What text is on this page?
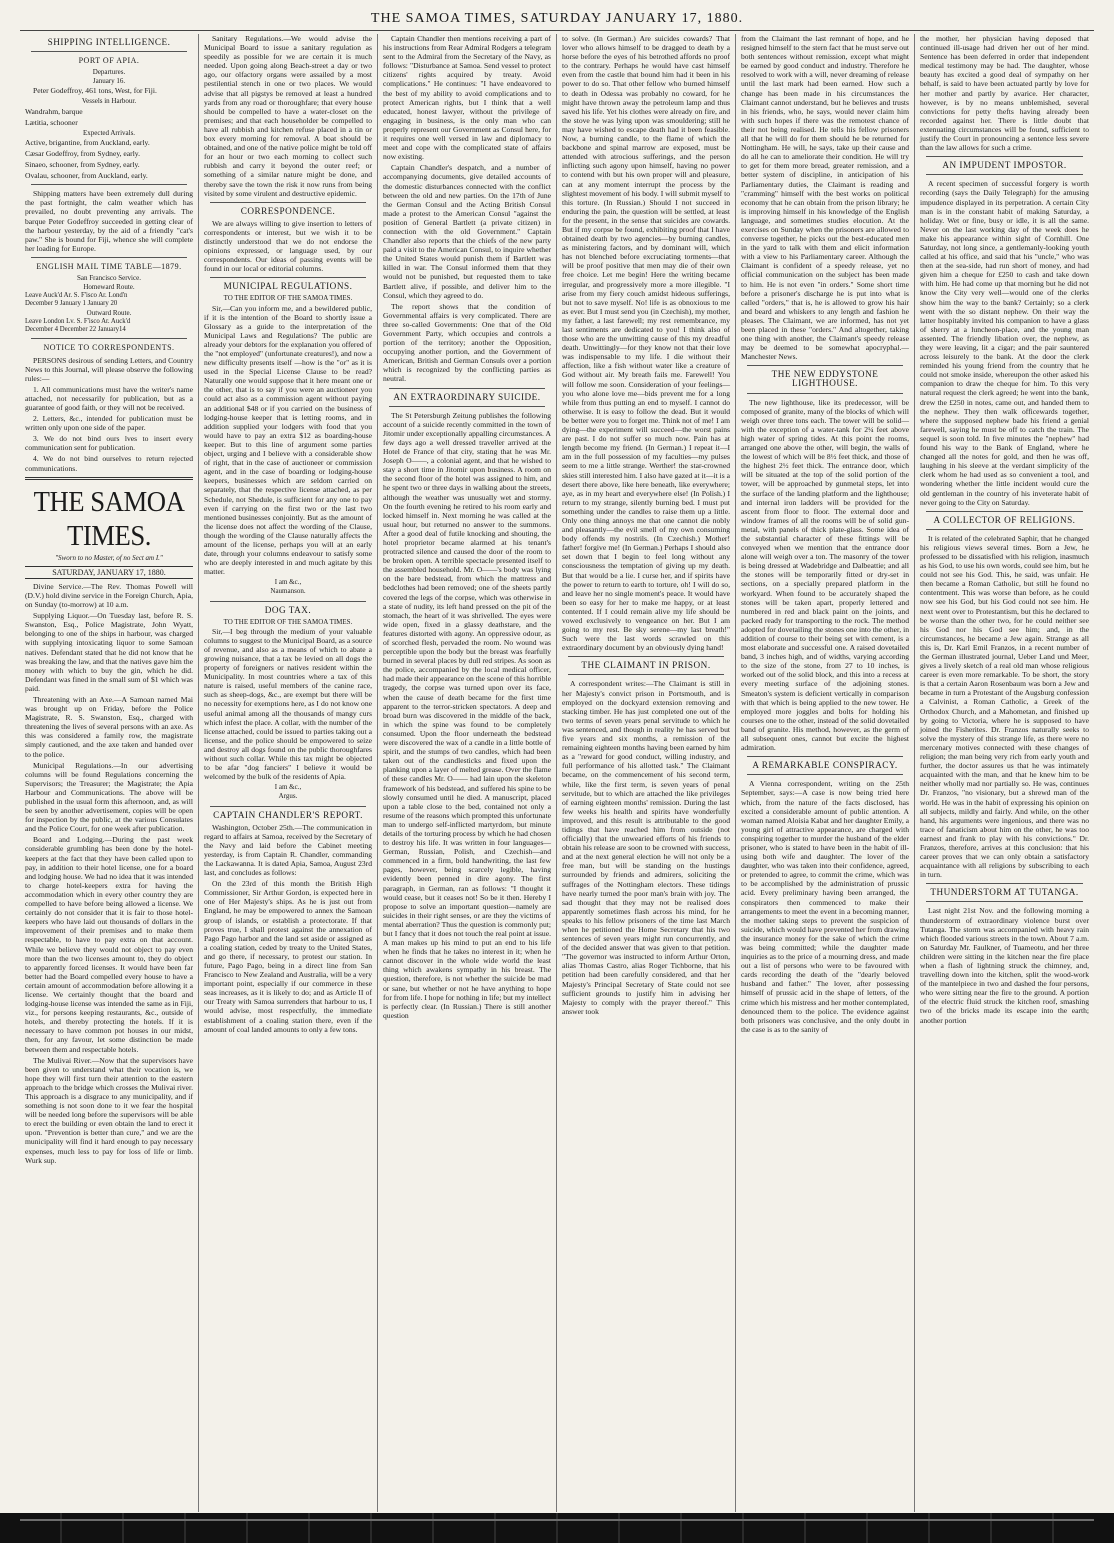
THE SAMOA TIMES, SATURDAY JANUARY 17, 1880.
SHIPPING INTELLIGENCE.
PORT OF APIA.
Departures.
January 16.

Peter Godeffroy, 461 tons, West, for Fiji.

Vessels in Harbour.

Wandrahm, barque

Lætitia, schooner

Expected Arrivals.

Active, brigantine, from Auckland, early.

Cæsar Godeffroy, from Sydney, early.

Sinaeo, schooner, from Sydney, early.

Ovalau, schooner, from Auckland, early.

Shipping matters have been extremely dull during the past fortnight, the calm weather which has prevailed, no doubt preventing any arrivals. The barque Peter Godeffroy succeeded in getting clear of the harbour yesterday, by the aid of a friendly "cat's paw." She is bound for Fiji, whence she will complete her loading for Europe.

ENGLISH MAIL TIME TABLE—1879.
San Francisco Service.
Homeward Route.
Leave Auck'd Ar. S. F'isco Ar. Lond'n
December 9 January 1 January 20
Outward Route.
Leave London Lv. S. F'isco Ar. Auck'd
December 4 December 22 January14
NOTICE TO CORRESPONDENTS.

PERSONS desirous of sending Letters, and Country News to this Journal, will please observe the following rules:—

1. All communications must have the writer's name attached, not necessarily for publication, but as a guarantee of good faith, or they will not be received.

2. Letters, &c., intended for publication must be written only upon one side of the paper.

3. We do not bind ours lves to insert every communication sent for publication.

4. We do not bind ourselves to return rejected communications.

THE SAMOA TIMES.
"Sworn to no Master, of no Sect am I."
SATURDAY, JANUARY 17, 1880.

Divine Service.—The Rev. Thomas Powell will (D.V.) hold divine service in the Foreign Church, Apia, on Sunday (to-morrow) at 10 a.m.

Supplying Liquor.—On Tuesday last, before R. S. Swanston, Esq., Police Magistrate, John Wyatt, belonging to one of the ships in harbour, was charged with supplying intoxicating liquor to some Samoan natives. Defendant stated that he did not know that he was breaking the law, and that the natives gave him the money with which to buy the gin, which he did. Defendant was fined in the small sum of $1 which was paid.

Threatening with an Axe.—A Samoan named Mai was brought up on Friday, before the Police Magistrate, R. S. Swanston, Esq., charged with threatening the lives of several persons with an axe. As this was considered a family row, the magistrate simply cautioned, and the axe taken and handed over to the police.

Municipal Regulations.—In our advertising columns will be found Regulations concerning the Supervisors; the Treasurer; the Magistrate; the Apia Harbour and Communications. The above will be published in the usual form this afternoon, and, as will be seen by another advertisement, copies will be open for inspection by the public, at the various Consulates and the Police Court, for one week after publication.

Board and Lodging.—During the past week considerable grumbling has been done by the hotel-keepers at the fact that they have been called upon to pay, in addition to their hotel license, one for a board and lodging house. We had no idea that it was intended to charge hotel-keepers extra for having the accommodation which in every other country they are compelled to have before being allowed a license. We certainly do not consider that it is fair to those hotel-keepers who have laid out thousands of dollars in the improvement of their premises and to make them respectable, to have to pay extra on that account. While we believe they would not object to pay even more than the two licenses amount to, they do object to apparently forced licenses. It would have been far better had the Board compelled every house to have a certain amount of accommodation before allowing it a license. We certainly thought that the board and lodging-house license was intended the same as in Fiji, viz., for persons keeping restaurants, &c., outside of hotels, and thereby protecting the hotels. If it is necessary to have common pot houses in our midst, then, for any favour, let some distinction be made between them and respectable hotels.

The Mulivai River.—Now that the supervisors have been given to understand what their vocation is, we hope they will first turn their attention to the eastern approach to the bridge which crosses the Mulivai river. This approach is a disgrace to any municipality, and if something is not soon done to it we fear the hospital will be needed long before the supervisors will be able to erect the building or even obtain the land to erect it upon. "Prevention is better than cure," and we are the municipality will find it hard enough to pay necessary expenses, much less to pay for loss of life or limb. Wurk sup.

Sanitary Regulations.—We would advise the Municipal Board to issue a sanitary regulation as speedily as possible for we are certain it is much needed. Upon going along Beach-street a day or two ago, our olfactory organs were assailed by a most pestilential stench in one or two places. We would advise that all pigstys be removed at least a hundred yards from any road or thoroughfare; that every house should be compelled to have a water-closet on the premises; and that each householder be compelled to have all rubbish and kitchen refuse placed in a tin or box every morning for removal. A boat should be obtained, and one of the native police might be told off for an hour or two each morning to collect such rubbish and carry it beyond the outer reef; or something of a similar nature might be done, and thereby save the town the risk it now runs from being visited by some virulent and destructive epidemic.

CORRESPONDENCE.

We are always willing to give insertion to letters of correspondents or interest, but we wish it to be distinctly understood that we do not endorse the opinions expressed, or language used, by our correspondents. Our ideas of passing events will be found in our local or editorial columns.

MUNICIPAL REGULATIONS.
TO THE EDITOR OF THE SAMOA TIMES.

Sir,—Can you inform me, and a bewildered public, if it is the intention of the Board to shortly issue a Glossary as a guide to the interpretation of the Municipal Laws and Regulations? The public are already your debtors for the explanation you offered of the "not employed" (unfortunate creatures!), and now a new difficulty presents itself —how is the "or" as it is used in the Special License Clause to be read? Naturally one would suppose that it here meant one or the other, that is to say if you were an auctioneer you could act also as a commission agent without paying an additional $48 or if you carried on the business of lodging-house keeper that is letting rooms, and in addition supplied your lodgers with food that you would have to pay an extra $12 as boarding-house keeper. But to this line of argument some parties object, urging and I believe with a considerable show of right, that in the case of auctioneer or commission agent, and in the case of boarding or lodging-house keepers, businesses which are seldom carried on separately, that the respective license attached, as per Schedule, not Shedule, is sufficient for any one to pay even if carrying on the first two or the last two mentioned businesses conjointly. But as the amount of the license does not affect the wording of the Clause, though the wording of the Clause naturally affects the amount of the license, perhaps you will at an early date, through your columns endeavour to satisfy some who are deeply interested in and much agitate by this matter.

I am &c.,
Naumanson.
DOG TAX.
TO THE EDITOR OF THE SAMOA TIMES.

Sir,—I beg through the medium of your valuable columns to suggest to the Municipal Board, as a source of revenue, and also as a means of which to abate a growing nuisance, that a tax be levied on all dogs the property of foreigners or natives resident within the Municipality. In most countries where a tax of this nature is raised, useful members of the canine race, such as sheep-dogs, &c., are exempt but there will be no necessity for exemptions here, as I do not know one useful animal among all the thousands of mangy curs which infest the place. A collar, with the number of the license attached, could be issued to parties taking out a license, and the police should be empowered to seize and destroy all dogs found on the public thoroughfares without such collar. While this tax might be objected to be afar "dog fanciers" I believe it would be welcomed by the bulk of the residents of Apia.

I am &c.,
Argus.
CAPTAIN CHANDLER'S REPORT.

Washington, October 25th.—The communication in regard to affairs at Samoa, received by the Secretary of the Navy and laid before the Cabinet meeting yesterday, is from Captain R. Chandler, commanding the Lackawanna. It is dated Apia, Samoa, August 23rd last, and concludes as follows:

On the 23rd of this month the British High Commissioner, Sir Arthur Gordon, is expected here in one of Her Majesty's ships. As he is just out from England, he may be empowered to annex the Samoan group of islands, or establish a protectorate. If that proves true, I shall protest against the annexation of Pago Pago harbor and the land set aside or assigned as a coaling station, ceded by treaty to the United States, and go there, if necessary, to protest our station. In future, Pago Pago, being in a direct line from San Francisco to New Zealand and Australia, will be a very important point, especially if our commerce in these seas increases, as it is likely to do; and as Article II of our Treaty with Samoa surrenders that harbour to us, I would advise, most respectfully, the immediate establishment of a coaling station there, even if the amount of coal landed amounts to only a few tons.

Captain Chandler then mentions receiving a part of his instructions from Rear Admiral Rodgers a telegram sent to the Admiral from the Secretary of the Navy, as follows: "Disturbance at Samoa. Send vessel to protect citizens' rights acquired by treaty. Avoid complications." He continues: "I have endeavored to the best of my ability to avoid complications and to protect American rights, but I think that a well educated, honest lawyer, without the privilege of engaging in business, is the only man who can properly represent our Government as Consul here, for it requires one well versed in law and diplomacy to meet and cope with the complicated state of affairs now existing.

Captain Chandler's despatch, and a number of accompanying documents, give detailed accounts of the domestic disturbances connected with the conflict between the old and new parties. On the 17th of June the German Consul and the Acting British Consul made a protest to the American Consul "against the position of General Bartlett (a private citizen) in connection with the old Government." Captain Chandler also reports that the chiefs of the new party paid a visit to the American Consul, to inquire whether the United States would punish them if Bartlett was killed in war. The Consul informed them that they would not be punished, but requested them to take Bartlett alive, if possible, and deliver him to the Consul, which they agreed to do.

The report shows that the condition of Governmental affairs is very complicated. There are three so-called Governments: One that of the Old Government Party, which occupies and controls a portion of the territory; another the Opposition, occupying another portion, and the Government of American, British and German Consuls over a portion which is recognized by the conflicting parties as neutral.

AN EXTRAORDINARY SUICIDE.

The St Petersburgh Zeitung publishes the following account of a suicide recently committed in the town of Jitomir under exceptionally appalling circumstances. A few days ago a well dressed traveller arrived at the Hotel de France of that city, stating that he was Mr. Joseph O——, a colonial agent, and that he wished to stay a short time in Jitomir upon business. A room on the second floor of the hotel was assigned to him, and he spent two or three days in walking about the streets, although the weather was unusually wet and stormy. On the fourth evening he retired to his room early and locked himself in. Next morning he was called at the usual hour, but returned no answer to the summons. After a good deal of futile knocking and shouting, the hotel proprietor became alarmed at his tenant's protracted silence and caused the door of the room to be broken open. A terrible spectacle presented itself to the assembled household. Mr. O——'s body was lying on the bare bedstead, from which the mattress and bedclothes had been removed; one of the sheets partly covered the legs of the corpse, which was otherwise in a state of nudity, its left hand pressed on the pit of the stomach, the heart of it was shrivelled. The eyes were wide open, fixed in a glassy deathstare, and the features distorted with agony. An oppressive odour, as of scorched flesh, pervaded the room. No wound was perceptible upon the body but the breast was fearfully burned in several places by dull red stripes. As soon as the police, accompanied by the local medical officer, had made their appearance on the scene of this horrible tragedy, the corpse was turned upon over its face, when the cause of death became for the first time apparent to the terror-stricken spectators. A deep and broad burn was discovered in the middle of the back, in which the spine was found to be completely consumed. Upon the floor underneath the bedstead were discovered the wax of a candle in a little bottle of spirit, and the stumps of two candles, which had been taken out of the candlesticks and fixed upon the planking upon a layer of melted grease. Over the flame of these candles Mr. O—— had lain upon the skeleton framework of his bedstead, and suffered his spine to be slowly consumed until he died. A manuscript, placed upon a table close to the bed, contained not only a resume of the reasons which prompted this unfortunate man to undergo self-inflicted martyrdom, but minute details of the torturing process by which he had chosen to destroy his life. It was written in four languages—German, Russian, Polish, and Czechish—and commenced in a firm, bold handwriting, the last few pages, however, being scarcely legible, having evidently been penned in dire agony. The first paragraph, in German, ran as follows: "I thought it would cease, but it ceases not! So be it then. Hereby I propose to solve an important question—namely are suicides in their right senses, or are they the victims of mental aberration? Thus the question is commonly put; but I fancy that it does not touch the real point at issue. A man makes up his mind to put an end to his life when he finds that he takes no interest in it; when he cannot discover in the whole wide world the least thing which awakens sympathy in his breast. The question, therefore, is not whether the suicide be mad or sane, but whether or not he have anything to hope for from life. I hope for nothing in life; but my intellect is perfectly clear. (In Russian.) There is still another question

to solve. (In German.) Are suicides cowards? That lover who allows himself to be dragged to death by a horse before the eyes of his betrothed affords no proof to the contrary. Perhaps he would have cast himself even from the castle that bound him had it been in his power to do so. That other fellow who burned himself to death in Odessa was probably no coward, for he might have thrown away the petroleum lamp and thus saved his life. Yet his clothes were already on fire, and the stove he was lying upon was smouldering; still he may have wished to escape death had it been feasible. Now, a burning candle, to the flame of which the backbone and spinal marrow are exposed, must be attended with atrocious sufferings, and the person inflicting such agony upon himself, having no power to contend with but his own proper will and pleasure, can at any moment interrupt the process by the slightest movement of his body. I will submit myself to this torture. (In Russian.) Should I not succeed in enduring the pain, the question will be settled, at least for the present, in the sense that suicides are cowards. But if my corpse be found, exhibiting proof that I have obtained death by two agencies—by burning candles, as ministering factors, and by dominant will, which has not blenched before excruciating torments—that will be proof positive that men may die of their own free choice. Let me begin! Here the writing became irregular, and progressively more a more illegible. "I arise from my fiery couch amidst hideous sufferings, but not to save myself. No! life is as obnoxious to me as ever. But I must send you (in Czechish), my mother, my father, a last farewell; my rest remembrance, my last sentiments are dedicated to you! I think also of those who are the unwitting cause of this my dreadful death. Unwittingly—for they know not that their love was indispensable to my life. I die without their affection, like a fish without water like a creature of God without air. My breath fails me. Farewell! You will follow me soon. Consideration of your feelings—you who alone love me—bids prevent me for a long while from thus putting an end to myself. I cannot do otherwise. It is easy to follow the dead. But it would be better were you to forget me. Think not of me! I am dying—the experiment will succeed—the worst pains are past. I do not suffer so much now. Pain has at length become my friend. (In German.) I repeat it—I am in the full possession of my faculties—my pulses seem to me a little strange. Werther! the star-crowned skies still interested him. I also have gazed at it—it is a desert there above, like here beneath, like everywhere; aye, as in my heart and everywhere else! (In Polish.) I return to my strange, silently burning bed. I must put something under the candles to raise them up a little. Only one thing annoys me that one cannot die nobly and pleasantly—the evil smell of my own consuming body offends my nostrils. (In Czechish.) Mother! father! forgive me! (In German.) Perhaps I should also set down that I begin to feel long without any consciousness the temptation of giving up my death. But that would be a lie. I curse her, and if spirits have the power to return to earth to torture, oh! I will do so, and leave her no single moment's peace. It would have been so easy for her to make me happy, or at least contented. If I could remain alive my life should be vowed exclusively to vengeance on her. But I am going to my rest. Be sky serene—my last breath!" Such were the last words scrawled on this extraordinary document by an obviously dying hand!

THE CLAIMANT IN PRISON.

A correspondent writes:—The Claimant is still in her Majesty's convict prison in Portsmouth, and is employed on the dockyard extension removing and stacking timber. He has just completed one out of the two terms of seven years penal servitude to which he was sentenced, and though in reality he has served but five years and six months, a remission of the remaining eighteen months having been earned by him as a "reward for good conduct, willing industry, and full performance of his allotted task." The Claimant became, on the commencement of his second term, while, like the first term, is seven years of penal servitude, but to which are attached the like privileges of earning eighteen months' remission. During the last few weeks his health and spirits have wonderfully improved, and this result is attributable to the good tidings that have reached him from outside (not officially) that the unwearied efforts of his friends to obtain his release are soon to be crowned with success, and at the next general election he will not only be a free man, but will be standing on the hustings surrounded by friends and admirers, soliciting the suffrages of the Nottingham electors. These tidings have nearly turned the poor man's brain with joy. The sad thought that they may not be realised does apparently sometimes flash across his mind, for he speaks to his fellow prisoners of the time last March when he petitioned the Home Secretary that his two sentences of seven years might run concurrently, and of the decided answer that was given to that petition. "The governor was instructed to inform Arthur Orton, alias Thomas Castro, alias Roger Tichborne, that his petition had been carefully considered, and that her Majesty's Principal Secretary of State could not see sufficient grounds to justify him in advising her Majesty to comply with the prayer thereof." This answer took

from the Claimant the last remnant of hope, and he resigned himself to the stern fact that he must serve out both sentences without remission, except what might be earned by good conduct and industry. Therefore he resolved to work with a will, never dreaming of release until the last mark had been earned. How such a change has been made in his circumstances the Claimant cannot understand, but he believes and trusts in his friends, who, he says, would never claim him with such hopes if there was the remotest chance of their not being realised. He tells his fellow prisoners all that he will do for them should he be returned for Nottingham. He will, he says, take up their cause and do all he can to ameliorate their condition. He will try to get for them more bread, greater remission, and a better system of discipline, in anticipation of his Parliamentary duties, the Claimant is reading and "cramming" himself with the best works on political economy that he can obtain from the prison library; he is improving himself in his knowledge of the English language, and sometimes studies elocution. At the exercises on Sunday when the prisoners are allowed to converse together, he picks out the best-educated men in the yard to talk with them and elicit information with a view to his Parliamentary career. Although the Claimant is confident of a speedy release, yet no official communication on the subject has been made to him. He is not even "in orders." Some short time before a prisoner's discharge he is put into what is called "orders," that is, he is allowed to grow his hair and beard and whiskers to any length and fashion he pleases. The Claimant, we are informed, has not yet been placed in these "orders." And altogether, taking one thing with another, the Claimant's speedy release may be deemed to be somewhat apocryphal.—Manchester News.

THE NEW EDDYSTONE LIGHTHOUSE.

The new lighthouse, like its predecessor, will be composed of granite, many of the blocks of which will weigh over three tons each. The tower will be solid—with the exception of a water-tank for 2¼ feet above high water of spring tides. At this point the rooms, arranged one above the other, will begin, the walls of the lowest of which will be 8½ feet thick, and those of the highest 2½ feet thick. The entrance door, which will be situated at the top of the solid portion of the tower, will be approached by gunmetal steps, let into the surface of the landing platform and the lighthouse; and internal iron ladders will be provided for the ascent from floor to floor. The external door and window frames of all the rooms will be of solid gun-metal, with panels of thick plate-glass. Some idea of the substantial character of these fittings will be conveyed when we mention that the entrance door alone will weigh over a ton. The masonry of the tower is being dressed at Wadebridge and Dalbeattie; and all the stones will be temporarily fitted or dry-set in sections, on a specially prepared platform in the workyard. When found to be accurately shaped the stones will be taken apart, properly lettered and numbered in red and black paint on the joints, and packed ready for transporting to the rock. The method adopted for dovetailing the stones one into the other, in addition of course to their being set with cement, is a most elaborate and successful one. A raised dovetailed band, 3 inches high, and of widths, varying according to the size of the stone, from 27 to 10 inches, is worked out of the solid block, and this into a recess at every meeting surface of the adjoining stones. Smeaton's system is deficient vertically in comparison with that which is being applied to the new tower. He employed more joggles and bolts for holding his courses one to the other, instead of the solid dovetailed band of granite. His method, however, as the germ of all subsequent ones, cannot but excite the highest admiration.

A REMARKABLE CONSPIRACY.

A Vienna correspondent, writing on the 25th September, says:—A case is now being tried here which, from the nature of the facts disclosed, has excited a considerable amount of public attention. A woman named Aloisia Kabat and her daughter Emily, a young girl of attractive appearance, are charged with conspiring together to murder the husband of the elder prisoner, who is stated to have been in the habit of ill-using both wife and daughter. The lover of the daughter, who was taken into their confidence, agreed, or pretended to agree, to commit the crime, which was to be accomplished by the administration of prussic acid. Every preliminary having been arranged, the conspirators then commenced to make their arrangements to meet the event in a becoming manner, the mother taking steps to prevent the suspicion of suicide, which would have prevented her from drawing the insurance money for the sake of which the crime was being committed; while the daughter made inquiries as to the price of a mourning dress, and made out a list of persons who were to be favoured with cards recording the death of the "dearly beloved husband and father." The lover, after possessing himself of prussic acid in the shape of letters, of the crime which his mistress and her mother contemplated, denounced them to the police. The evidence against both prisoners was conclusive, and the only doubt in the case is as to the sanity of

the mother, her physician having deposed that continued ill-usage had driven her out of her mind. Sentence has been deferred in order that independent medical testimony may be had. The daughter, whose beauty has excited a good deal of sympathy on her behalf, is said to have been actuated partly by love for her mother and partly by avarice. Her character, however, is by no means unblemished, several convictions for petty thefts having already been recorded against her. There is little doubt that extenuating circumstances will be found, sufficient to justify the Court in pronouncing a sentence less severe than the law allows for such a crime.

AN IMPUDENT IMPOSTOR.

A recent specimen of successful forgery is worth recording (says the Daily Telegraph) for the amusing impudence displayed in its perpetration. A certain City man is in the constant habit of making Saturday, a holiday. Wet or fine, busy or idle, it is all the same. Never on the last working day of the week does he make his appearance within sight of Cornhill. One Saturday, not long since, a gentlemanly-looking youth called at his office, and said that his "uncle," who was then at the sea-side, had run short of money, and had given him a cheque for £250 to cash and take down with him. He had come up that morning but he did not know the City very well—would one of the clerks show him the way to the bank? Certainly; so a clerk went with the so distant nephew. On their way the latter hospitably invited his companion to have a glass of sherry at a luncheon-place, and the young man assented. The friendly libation over, the nephew, as they were leaving, lit a cigar; and the pair sauntered across leisurely to the bank. At the door the clerk reminded his young friend from the country that he could not smoke inside, whereupon the other asked his companion to draw the cheque for him. To this very natural request the clerk agreed; he went into the bank, drew the £250 in notes, came out, and handed them to the nephew. They then walk officewards together, where the supposed nephew bade his friend a genial farewell, saying he must be off to catch the train. The sequel is soon told. In five minutes the "nephew" had found his way to the Bank of England, where he changed all the notes for gold, and then he was off, laughing in his sleeve at the verdant simplicity of the clerk whom he had used as so convenient a tool, and wondering whether the little incident would cure the old gentleman in the country of his inveterate habit of never going to the City on Saturday.

A COLLECTOR OF RELIGIONS.

It is related of the celebrated Saphir, that he changed his religious views several times. Born a Jew, he professed to be dissatisfied with his religion, inasmuch as his God, to use his own words, could see him, but he could not see his God. This, he said, was unfair. He then became a Roman Catholic, but still he found no contentment. This was worse than before, as he could now see his God, but his God could not see him. He next went over to Protestantism, but this he declared to be worse than the other two, for he could neither see his God nor his God see him; and, in the circumstances, he became a Jew again. Strange as all this is, Dr. Karl Emil Franzos, in a recent number of the German illustrated journal, Ueber Land und Meer, gives a lively sketch of a real old man whose religious career is even more remarkable. To be short, the story is that a certain Aaron Rosenbaum was born a Jew and became in turn a Protestant of the Augsburg confession a Calvinist, a Roman Catholic, a Greek of the Orthodox Church, and a Mahometan, and finished up by going to Victoria, where he is supposed to have joined the Fisherites. Dr. Franzos naturally seeks to solve the mystery of this strange life, as there were no mercenary motives connected with these changes of religion; the man being very rich from early youth and further, the doctor assures us that he was intimately acquainted with the man, and that he knew him to be neither wholly mad nor partially so. He was, continues Dr. Franzos, "no visionary, but a shrewd man of the world. He was in the habit of expressing his opinion on all subjects, mildly and fairly. And while, on the other hand, his arguments were ingenious, and there was no trace of fanaticism about him on the other, he was too earnest and frank to play with his convictions." Dr. Franzos, therefore, arrives at this conclusion: that his career proves that we can only obtain a satisfactory acquaintance with all religions by subscribing to each in turn.

THUNDERSTORM AT TUTANGA.

Last night 21st Nov. and the following morning a thunderstorm of extraordinary violence burst over Tutanga. The storm was accompanied with heavy rain which flooded various streets in the town. About 7 a.m. on Saturday Mr. Faulkner, of Tuameotu, and her three children were sitting in the kitchen near the fire place when a flash of lightning struck the chimney, and, travelling down into the kitchen, split the wood-work of the mantelpiece in two and dashed the four persons, who were sitting near the fire to the ground. A portion of the electric fluid struck the kitchen roof, smashing two of the bricks made its escape into the earth; another portion
